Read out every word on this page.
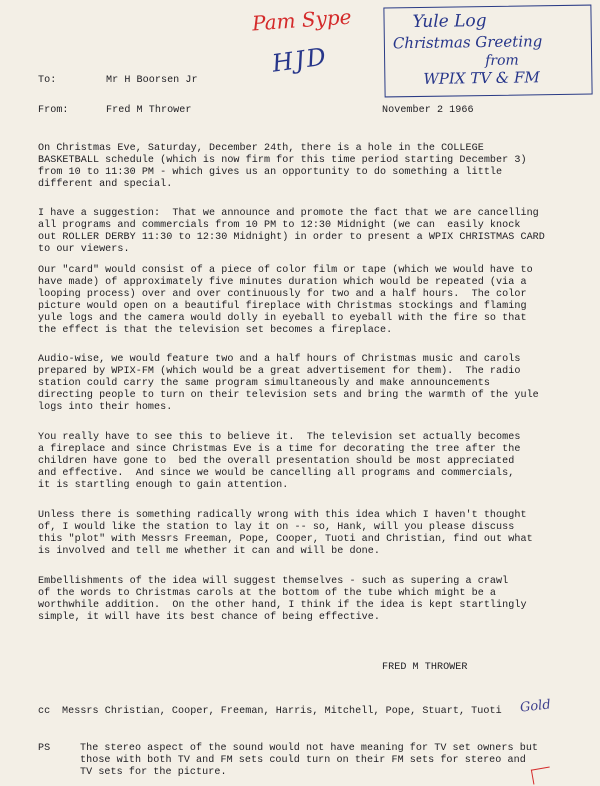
Pam Sype
HJD
Yule Log
Christmas Greeting
from
WPIX TV & FM
To:	Mr H Boorsen Jr
From:	Fred M Thrower	November 2 1966
On Christmas Eve, Saturday, December 24th, there is a hole in the COLLEGE
BASKETBALL schedule (which is now firm for this time period starting December 3)
from 10 to 11:30 PM - which gives us an opportunity to do something a little
different and special.
I have a suggestion:  That we announce and promote the fact that we are cancelling
all programs and commercials from 10 PM to 12:30 Midnight (we can  easily knock
out ROLLER DERBY 11:30 to 12:30 Midnight) in order to present a WPIX CHRISTMAS CARD
to our viewers.
Our "card" would consist of a piece of color film or tape (which we would have to
have made) of approximately five minutes duration which would be repeated (via a
looping process) over and over continuously for two and a half hours.  The color
picture would open on a beautiful fireplace with Christmas stockings and flaming
yule logs and the camera would dolly in eyeball to eyeball with the fire so that
the effect is that the television set becomes a fireplace.
Audio-wise, we would feature two and a half hours of Christmas music and carols
prepared by WPIX-FM (which would be a great advertisement for them).  The radio
station could carry the same program simultaneously and make announcements
directing people to turn on their television sets and bring the warmth of the yule
logs into their homes.
You really have to see this to believe it.  The television set actually becomes
a fireplace and since Christmas Eve is a time for decorating the tree after the
children have gone to  bed the overall presentation should be most appreciated
and effective.  And since we would be cancelling all programs and commercials,
it is startling enough to gain attention.
Unless there is something radically wrong with this idea which I haven't thought
of, I would like the station to lay it on -- so, Hank, will you please discuss
this "plot" with Messrs Freeman, Pope, Cooper, Tuoti and Christian, find out what
is involved and tell me whether it can and will be done.
Embellishments of the idea will suggest themselves - such as supering a crawl
of the words to Christmas carols at the bottom of the tube which might be a
worthwhile addition.  On the other hand, I think if the idea is kept startlingly
simple, it will have its best chance of being effective.
FRED M THROWER
cc Messrs Christian, Cooper, Freeman, Harris, Mitchell, Pope, Stuart, Tuoti Gold
PS	The stereo aspect of the sound would not have meaning for TV set owners but
those with both TV and FM sets could turn on their FM sets for stereo and
TV sets for the picture.
